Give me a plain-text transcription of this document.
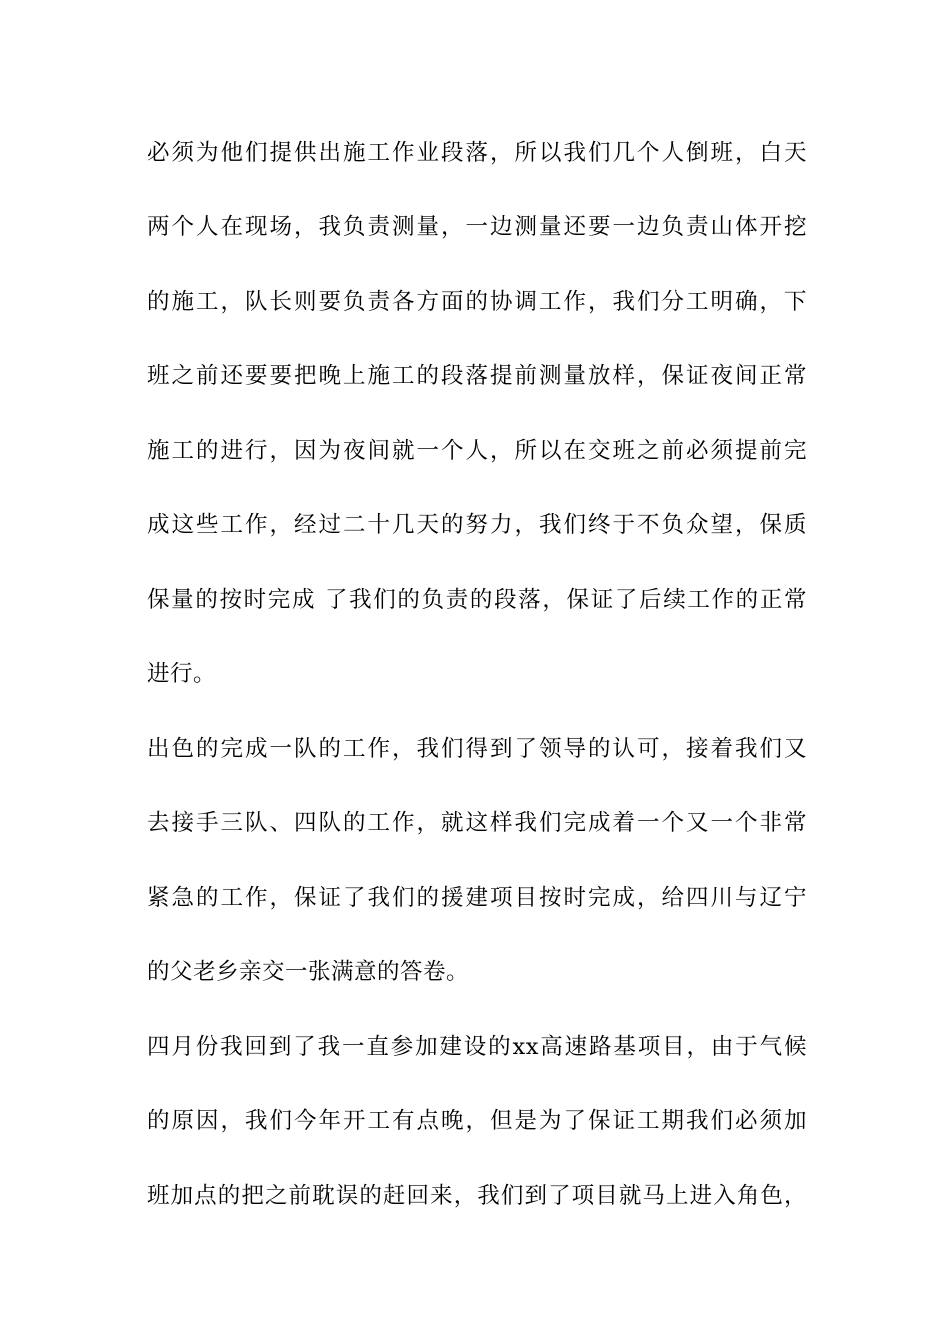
必须为他们提供出施工作业段落，所以我们几个人倒班，白天
两个人在现场，我负责测量，一边测量还要一边负责山体开挖
的施工，队长则要负责各方面的协调工作，我们分工明确，下
班之前还要要把晚上施工的段落提前测量放样，保证夜间正常
施工的进行，因为夜间就一个人，所以在交班之前必须提前完
成这些工作，经过二十几天的努力，我们终于不负众望，保质
保量的按时完成 了我们的负责的段落，保证了后续工作的正常
进行。
出色的完成一队的工作，我们得到了领导的认可，接着我们又
去接手三队、四队的工作，就这样我们完成着一个又一个非常
紧急的工作，保证了我们的援建项目按时完成，给四川与辽宁
的父老乡亲交一张满意的答卷。
四月份我回到了我一直参加建设的xx高速路基项目，由于气候
的原因，我们今年开工有点晚，但是为了保证工期我们必须加
班加点的把之前耽误的赶回来，我们到了项目就马上进入角色，
